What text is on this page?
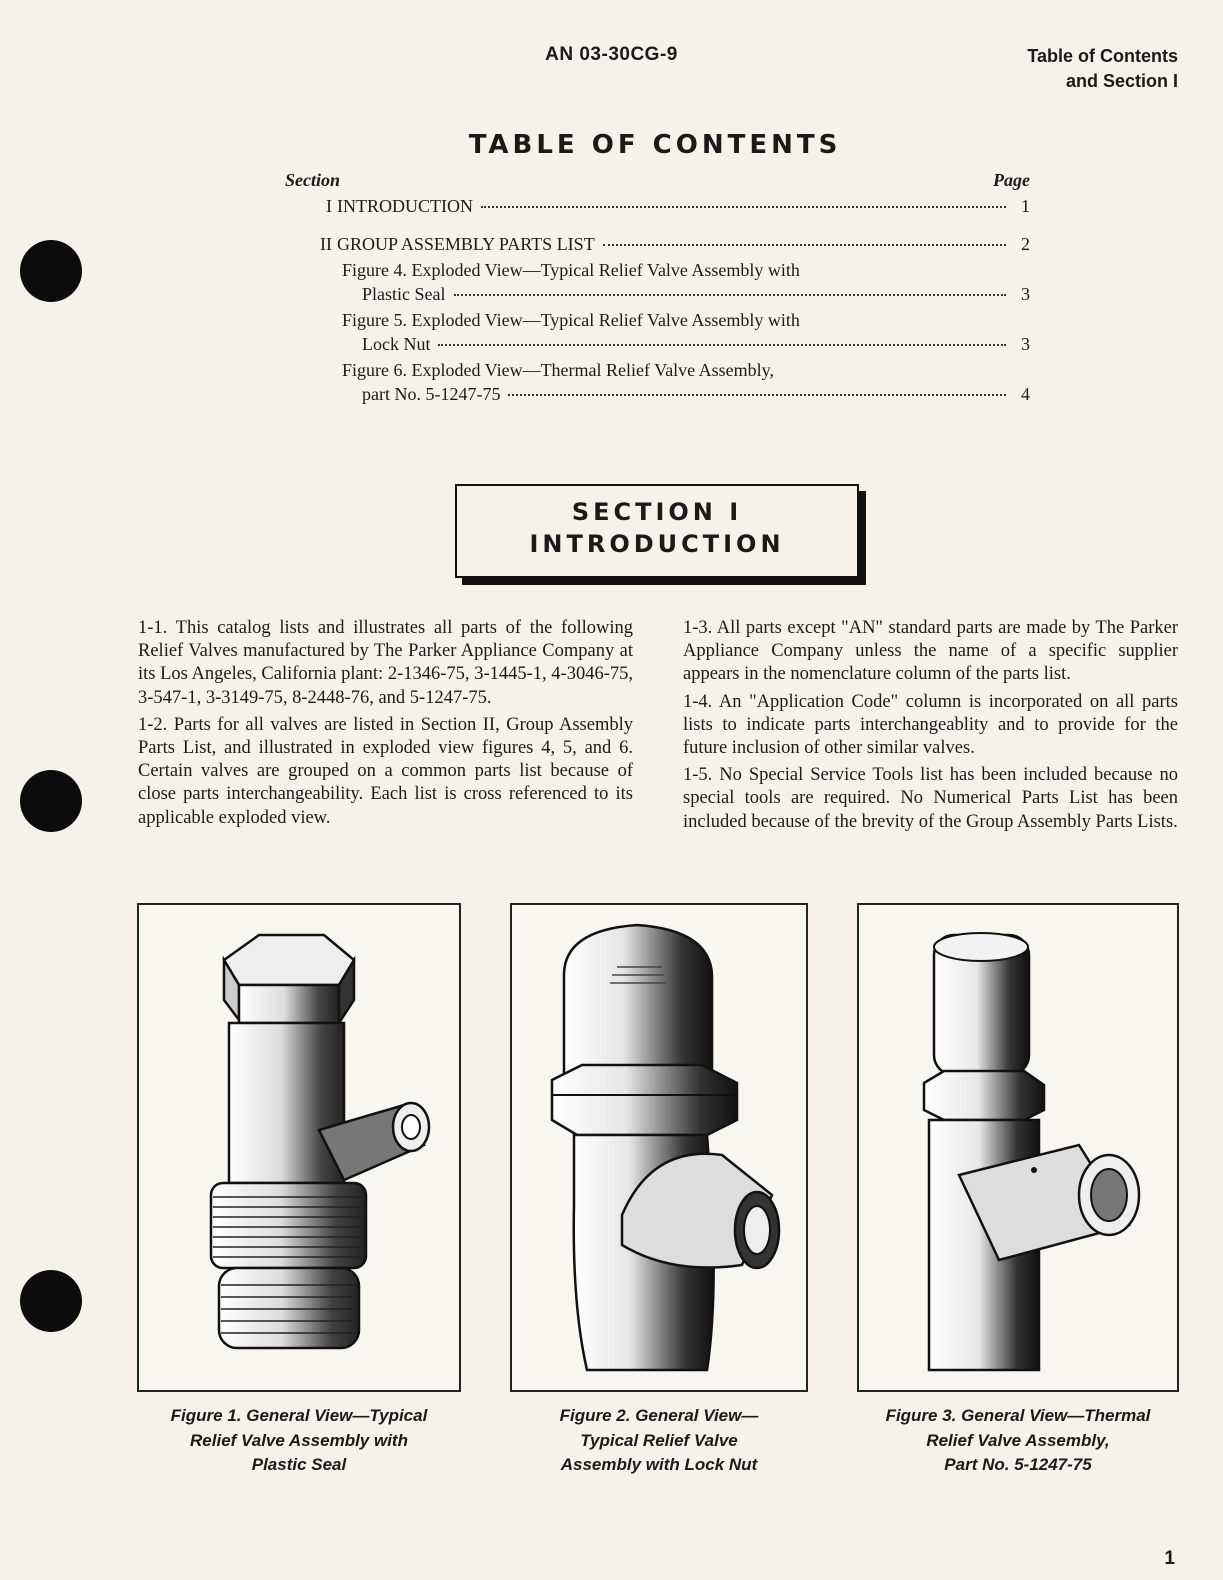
AN 03-30CG-9	Table of Contents
and Section I
TABLE OF CONTENTS
Section	Page
I INTRODUCTION	1
II GROUP ASSEMBLY PARTS LIST	2
Figure 4. Exploded View—Typical Relief Valve Assembly with
Plastic Seal	3
Figure 5. Exploded View—Typical Relief Valve Assembly with
Lock Nut	3
Figure 6. Exploded View—Thermal Relief Valve Assembly,
part No. 5-1247-75	4
SECTION I
INTRODUCTION

1-1. This catalog lists and illustrates all parts of the following Relief Valves manufactured by The Parker Appliance Company at its Los Angeles, California plant: 2-1346-75, 3-1445-1, 4-3046-75, 3-547-1, 3-3149-75, 8-2448-76, and 5-1247-75.

1-2. Parts for all valves are listed in Section II, Group Assembly Parts List, and illustrated in exploded view figures 4, 5, and 6. Certain valves are grouped on a common parts list because of close parts interchangeability. Each list is cross referenced to its applicable exploded view.

1-3. All parts except "AN" standard parts are made by The Parker Appliance Company unless the name of a specific supplier appears in the nomenclature column of the parts list.

1-4. An "Application Code" column is incorporated on all parts lists to indicate parts interchangeablity and to provide for the future inclusion of other similar valves.

1-5. No Special Service Tools list has been included because no special tools are required. No Numerical Parts List has been included because of the brevity of the Group Assembly Parts Lists.

Figure 1. General View—Typical
Relief Valve Assembly with
Plastic Seal
Figure 2. General View—
Typical Relief Valve
Assembly with Lock Nut
Figure 3. General View—Thermal
Relief Valve Assembly,
Part No. 5-1247-75
1
